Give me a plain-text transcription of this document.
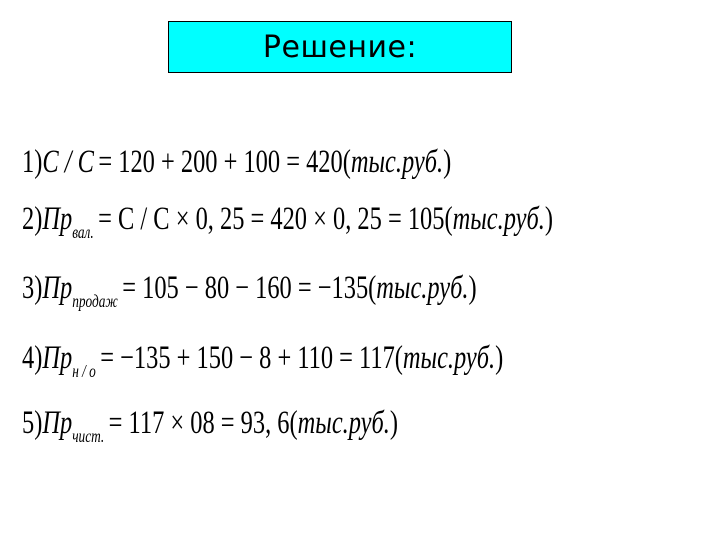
Решение:
1)С / С = 120 + 200 + 100 = 420(тыс.руб.)
$2)Пр_{вал.} = С / С \times 0$, 25 = 420 × 0, 25 = 105(тыс.руб.)
$3)Пр_{продаж} = 105 - 80 - 160 = -135(тыс.руб.)$
$4)Пр_{н / о} = -135 + 150 - 8 + 110 = 117(тыс.руб.)$
$5)Пр_{чист.} = 117 \times 08 = 93$, 6(тыс.руб.)
